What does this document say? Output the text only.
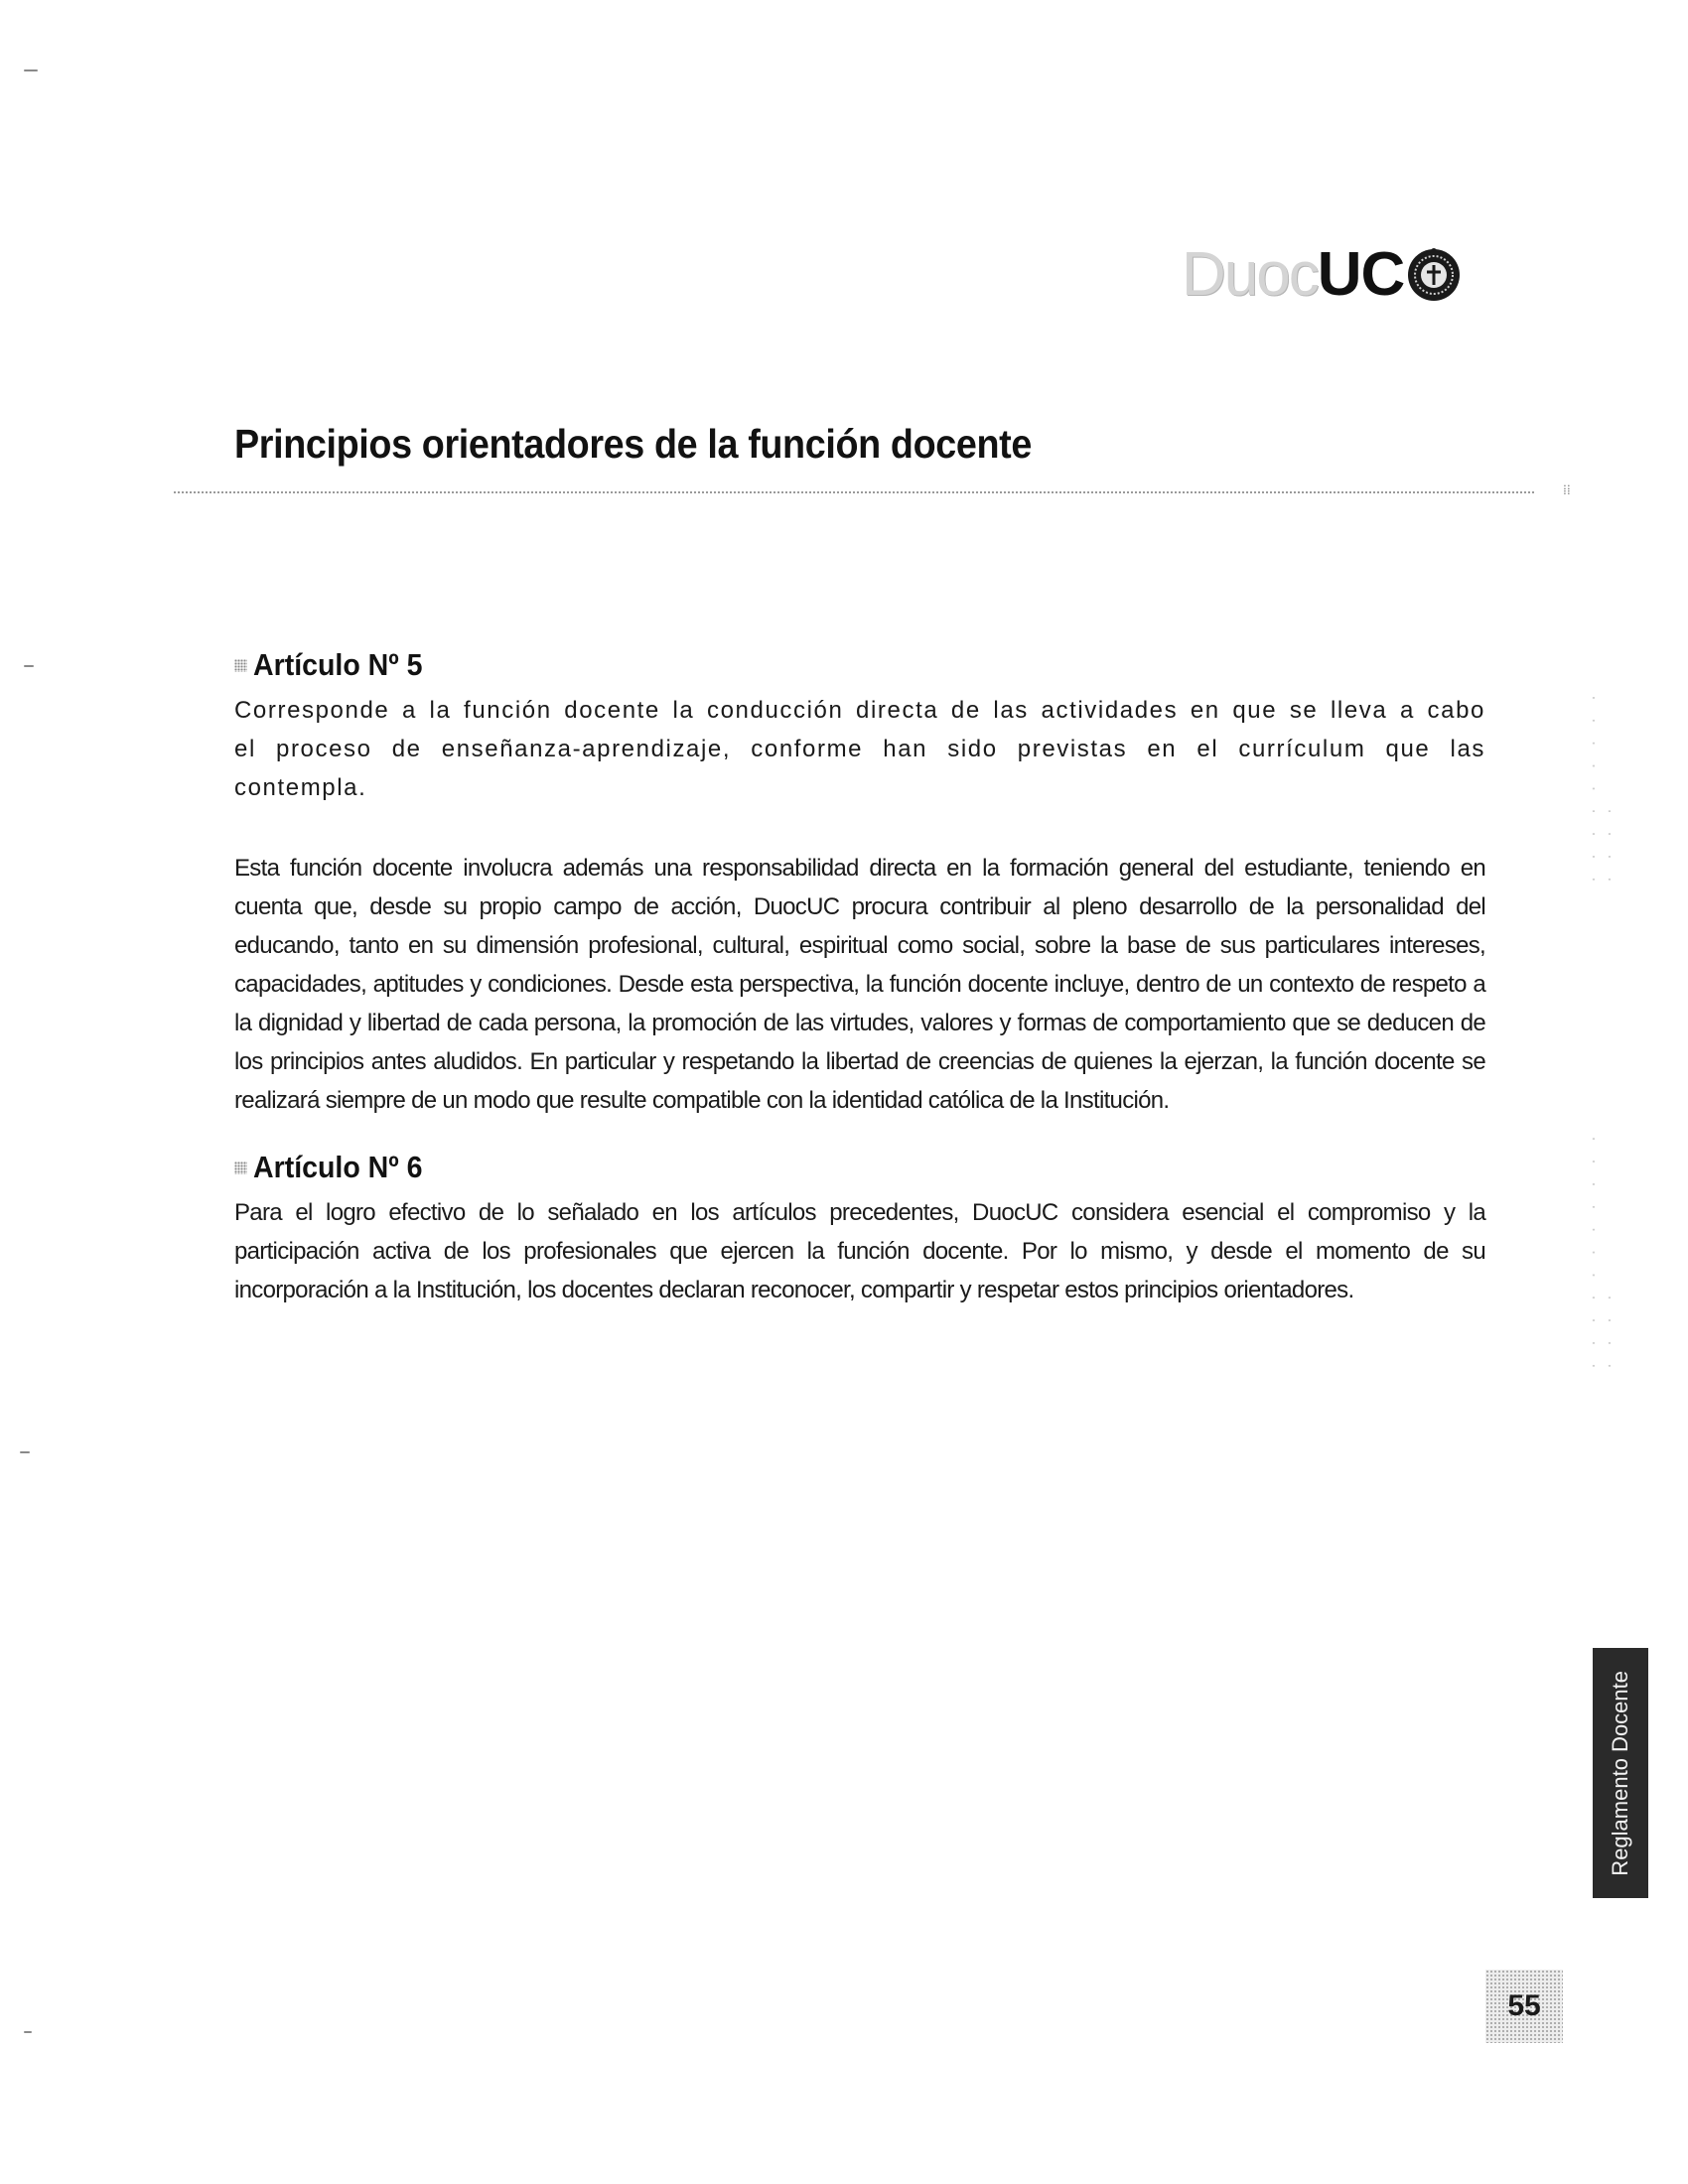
Duoc UC
Principios orientadores de la función docente
⁞⁞
Artículo Nº 5

Corresponde a la función docente la conducción directa de las actividades en que se lleva a cabo el proceso de enseñanza-aprendizaje, conforme han sido previstas en el currículum que las contempla.

Esta función docente involucra además una responsabilidad directa en la formación general del estudiante, teniendo en cuenta que, desde su propio campo de acción, DuocUC procura contribuir al pleno desarrollo de la personalidad del educando, tanto en su dimensión profesional, cultural, espiritual como social, sobre la base de sus particulares intereses, capacidades, aptitudes y condiciones. Desde esta perspectiva, la función docente incluye, dentro de un contexto de respeto a la dignidad y libertad de cada persona, la promoción de las virtudes, valores y formas de comportamiento que se deducen de los principios antes aludidos. En particular y respetando la libertad de creencias de quienes la ejerzan, la función docente se realizará siempre de un modo que resulte compatible con la identidad católica de la Institución.

Artículo Nº 6

Para el logro efectivo de lo señalado en los artículos precedentes, DuocUC considera esencial el compromiso y la participación activa de los profesionales que ejercen la función docente. Por lo mismo, y desde el momento de su incorporación a la Institución, los docentes declaran reconocer, compartir y respetar estos principios orientadores.

· · · · · · · · · · · · ·
· · · · · · · · · · · · · · ·
Reglamento Docente
55
